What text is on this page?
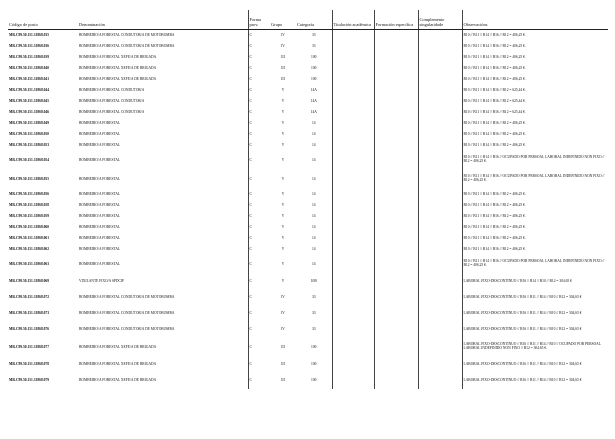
Código de posto	Denominación	Forma prov.	Grupo	Categoría	Titulación académica	Formación específica	Complemento singularidade	Observacións
MR.C99.50.151.31868.035	BOMBEIRO/A FORESTAL CONDUTOR/A DE MOTOBOMBA	C	IV	33				B10 // B11 // B14 // B16 // B12 = 406,25 €.
MR.C99.50.151.31868.036	BOMBEIRO/A FORESTAL CONDUTOR/A DE MOTOBOMBA	C	IV	33				B10 // B11 // B14 // B16 // B12 = 406,25 €.
MR.C99.50.151.31868.039	BOMBEIRO/A FORESTAL XEFE/A DE BRIGADA	C	III	100				B10 // B11 // B14 // B16 // B12 = 406,25 €.
MR.C99.50.151.31868.040	BOMBEIRO/A FORESTAL XEFE/A DE BRIGADA	C	III	100				B10 // B11 // B14 // B16 // B12 = 406,25 €.
MR.C99.50.151.31868.041	BOMBEIRO/A FORESTAL XEFE/A DE BRIGADA	C	III	100				B10 // B11 // B14 // B16 // B12 = 406,25 €.
MR.C99.50.151.31868.044	BOMBEIRO/A FORESTAL CONDUTOR/A	C	V	14A				B10 // B11 // B14 // B16 // B12 = 625,44 €.
MR.C99.50.151.31868.045	BOMBEIRO/A FORESTAL CONDUTOR/A	C	V	14A				B10 // B11 // B14 // B16 // B12 = 625,44 €.
MR.C99.50.151.31868.046	BOMBEIRO/A FORESTAL CONDUTOR/A	C	V	14A				B10 // B11 // B14 // B16 // B12 = 625,44 €.
MR.C99.50.151.31868.049	BOMBEIRO/A FORESTAL	C	V	14				B10 // B11 // B14 // B16 // B12 = 406,25 €.
MR.C99.50.151.31868.050	BOMBEIRO/A FORESTAL	C	V	14				B10 // B11 // B14 // B16 // B12 = 406,25 €.
MR.C99.50.151.31868.053	BOMBEIRO/A FORESTAL	C	V	14				B10 // B11 // B14 // B16 // B12 = 406,25 €.
MR.C99.50.151.31868.054	BOMBEIRO/A FORESTAL	C	V	14				B10 // B11 // B14 // B16 // OCUPADO POR PERSOAL LABORAL INDEFINIDO NON FIXO // B12 = 406,25 €.
MR.C99.50.151.31868.055	BOMBEIRO/A FORESTAL	C	V	14				B10 // B11 // B14 // B16 // OCUPADO POR PERSOAL LABORAL INDEFINIDO NON FIXO // B12 = 406,25 €.
MR.C99.50.151.31868.056	BOMBEIRO/A FORESTAL	C	V	14				B10 // B11 // B14 // B16 // B12 = 406,25 €.
MR.C99.50.151.31868.058	BOMBEIRO/A FORESTAL	C	V	14				B10 // B11 // B14 // B16 // B12 = 406,25 €.
MR.C99.50.151.31868.059	BOMBEIRO/A FORESTAL	C	V	14				B10 // B11 // B14 // B16 // B12 = 406,25 €.
MR.C99.50.151.31868.060	BOMBEIRO/A FORESTAL	C	V	14				B10 // B11 // B14 // B16 // B12 = 406,25 €.
MR.C99.50.151.31868.061	BOMBEIRO/A FORESTAL	C	V	14				B10 // B11 // B14 // B16 // B12 = 406,25 €.
MR.C99.50.151.31868.062	BOMBEIRO/A FORESTAL	C	V	14				B10 // B11 // B14 // B16 // B12 = 406,25 €.
MR.C99.50.151.31868.063	BOMBEIRO/A FORESTAL	C	V	14				B10 // B11 // B14 // B16 // OCUPADO POR PERSOAL LABORAL INDEFINIDO NON FIXO // B12 = 406,25 €.
MR.C99.50.151.31868.069	VIXILANTE FIXO/A SPDCIF	C	V	10B				LABORAL FIXO-DESCONTINUO // B16 // B14 // B10 // B12 = 304,65 €
MR.C99.50.151.31868.072	BOMBEIRO/A FORESTAL CONDUTOR/A DE MOTOBOMBA	C	IV	33				LABORAL FIXO-DESCONTINUO // B16 // B11 // B14 // B10 // B12 = 304,65 €
MR.C99.50.151.31868.073	BOMBEIRO/A FORESTAL CONDUTOR/A DE MOTOBOMBA	C	IV	33				LABORAL FIXO-DESCONTINUO // B16 // B11 // B14 // B10 // B12 = 304,65 €
MR.C99.50.151.31868.076	BOMBEIRO/A FORESTAL CONDUTOR/A DE MOTOBOMBA	C	IV	33				LABORAL FIXO-DESCONTINUO // B16 // B11 // B14 // B10 // B12 = 304,65 €
MR.C99.50.151.31868.077	BOMBEIRO/A FORESTAL XEFE/A DE BRIGADA	C	III	100				LABORAL FIXO-DESCONTINUO // B16 // B11 // B14 // B10 // OCUPADO POR PERSOAL LABORAL INDEFINIDO NON FIXO // B12 = 304,65 €.
MR.C99.50.151.31868.078	BOMBEIRO/A FORESTAL XEFE/A DE BRIGADA	C	III	100				LABORAL FIXO-DESCONTINUO // B16 // B11 // B14 // B10 // B12 = 304,65 €
MR.C99.50.151.31868.079	BOMBEIRO/A FORESTAL XEFE/A DE BRIGADA	C	III	100				LABORAL FIXO-DESCONTINUO // B16 // B11 // B14 // B10 // B12 = 304,65 €
